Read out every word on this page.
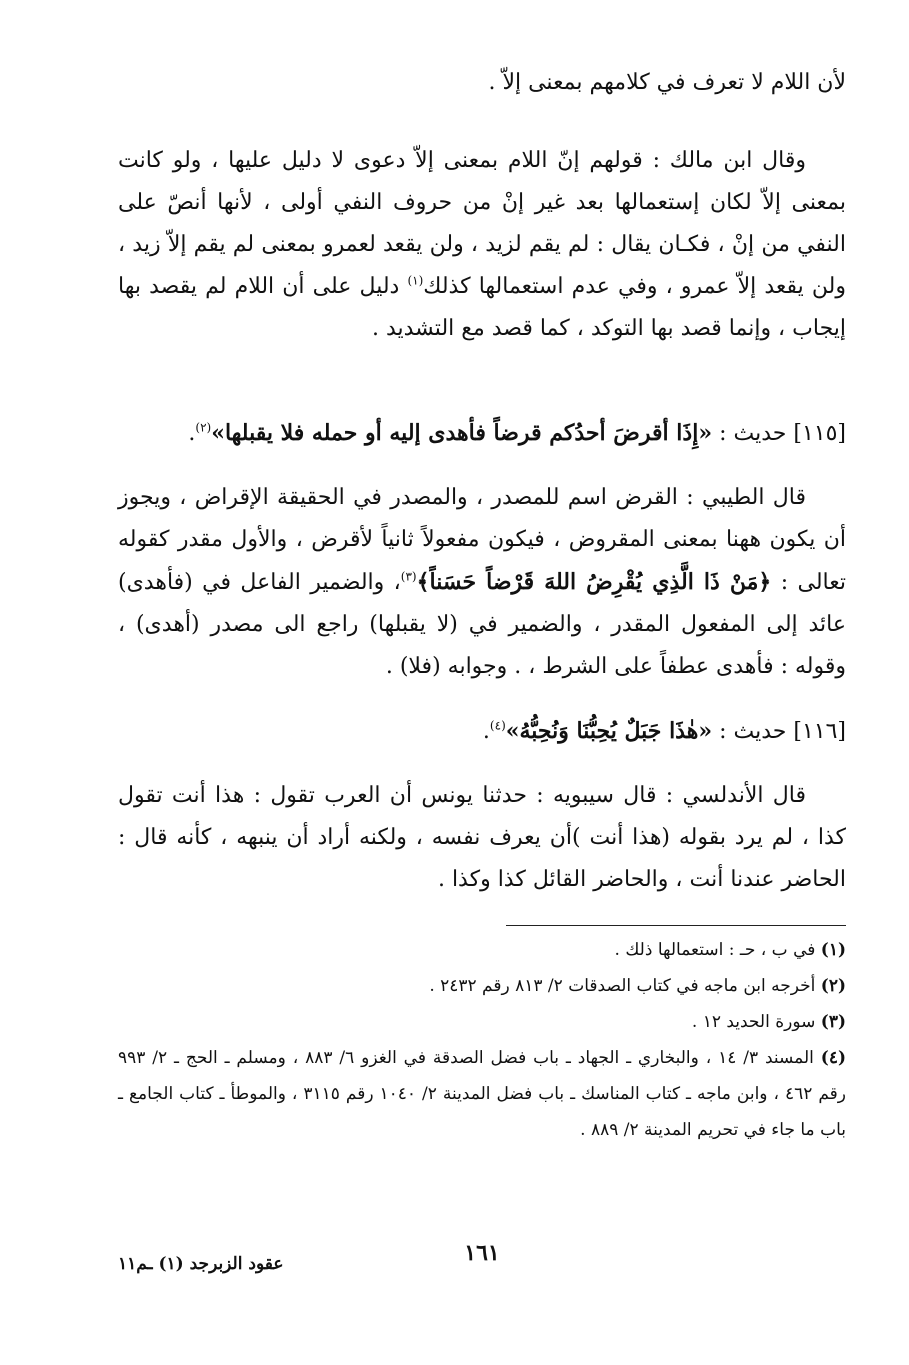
لأن اللام لا تعرف في كلامهم بمعنى إلاّ .

وقال ابن مالك : قولهم إنّ اللام بمعنى إلاّ دعوى لا دليل عليها ، ولو كانت بمعنى إلاّ لكان إستعمالها بعد غير إنْ من حروف النفي أولى ، لأنها أنصّ على النفي من إنْ ، فكـان يقال : لم يقم لزيد ، ولن يقعد لعمرو بمعنى لم يقم إلاّ زيد ، ولن يقعد إلاّ عمرو ، وفي عدم استعمالها كذلك$^{(١)}$ دليل على أن اللام لم يقصد بها إيجاب ، وإنما قصد بها التوكد ، كما قصد مع التشديد .

[١١٥] حديث : «إِذَا أقرضَ أحدُكم قرضاً فأهدى إليه أو حمله فلا يقبلها»$^{(٢)}$.

قال الطيبي : القرض اسم للمصدر ، والمصدر في الحقيقة الإقراض ، ويجوز أن يكون ههنا بمعنى المقروض ، فيكون مفعولاً ثانياً لأقرض ، والأول مقدر كقوله تعالى : ﴿مَنْ ذَا الَّذِي يُقْرِضُ اللهَ قَرْضاً حَسَناً﴾$^{(٣)}$، والضمير الفاعل في (فأهدى) عائد إلى المفعول المقدر ، والضمير في (لا يقبلها) راجع الى مصدر (أهدى) ، وقوله : فأهدى عطفاً على الشرط ، . وجوابه (فلا) .

[١١٦] حديث : «هٰذَا جَبَلٌ يُحِبُّنَا وَنُحِبُّهُ»$^{(٤)}$.

قال الأندلسي : قال سيبويه : حدثنا يونس أن العرب تقول : هذا أنت تقول كذا ، لم يرد بقوله (هذا أنت )أن يعرف نفسه ، ولكنه أراد أن ينبهه ، كأنه قال : الحاضر عندنا أنت ، والحاضر القائل كذا وكذا .

(١) في ب ، حـ : استعمالها ذلك .

(٢) أخرجه ابن ماجه في كتاب الصدقات ٢/ ٨١٣ رقم ٢٤٣٢ .

(٣) سورة الحديد ١٢ .

(٤) المسند ٣/ ١٤ ، والبخاري ـ الجهاد ـ باب فضل الصدقة في الغزو ٦/ ٨٨٣ ، ومسلم ـ الحج ـ ٢/ ٩٩٣ رقم ٤٦٢ ، وابن ماجه ـ كتاب المناسك ـ باب فضل المدينة ٢/ ١٠٤٠ رقم ٣١١٥ ، والموطأ ـ كتاب الجامع ـ باب ما جاء في تحريم المدينة ٢/ ٨٨٩ .

١٦١
عقود الزبرجد (١) ـم١١
